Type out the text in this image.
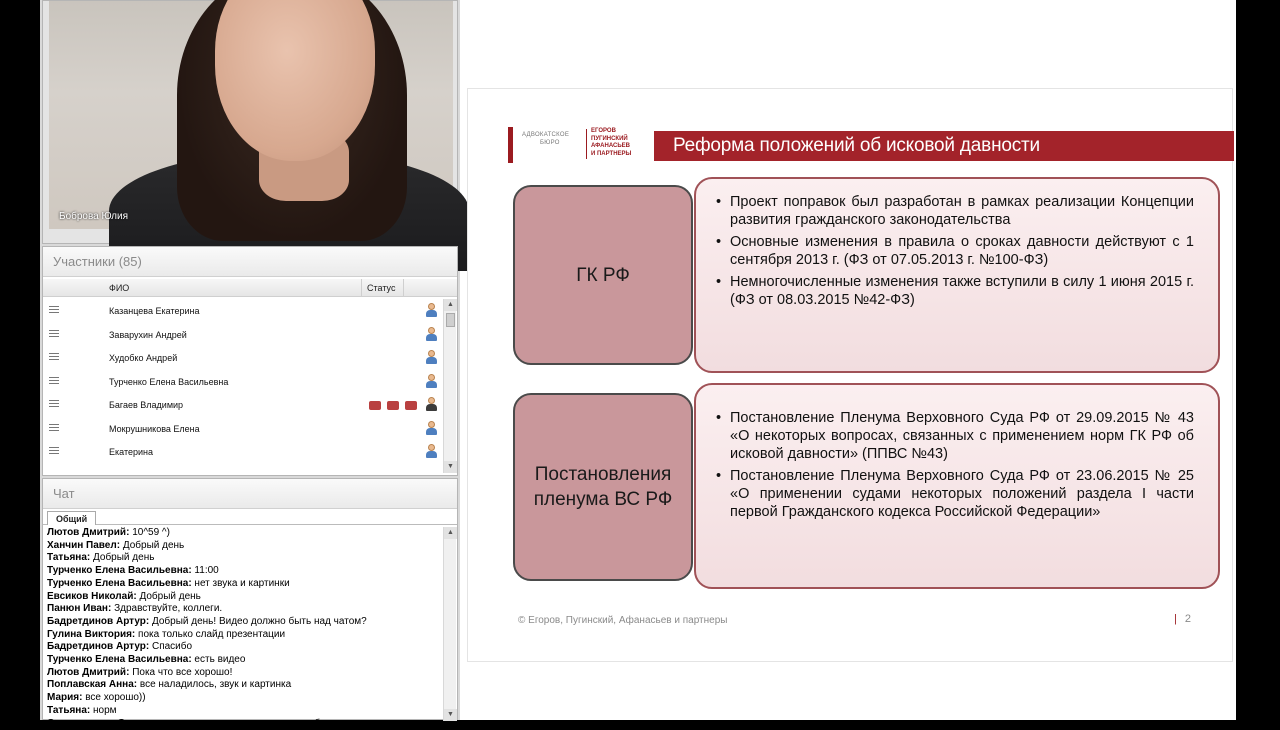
Боброва Юлия
Участники (85)
ФИО	Статус
Казанцева Екатерина
Заварухин Андрей
Худобко Андрей
Турченко Елена Васильевна
Багаев Владимир
Мокрушникова Елена
Екатерина
▲
▼
Чат
Общий
Лютов Дмитрий: 10^59 ^)
Ханчин Павел: Добрый день
Татьяна: Добрый день
Турченко Елена Васильевна: 11:00
Турченко Елена Васильевна: нет звука и картинки
Евсиков Николай: Добрый день
Панюн Иван: Здравствуйте, коллеги.
Бадретдинов Артур: Добрый день! Видео должно быть над чатом?
Гулина Виктория: пока только слайд презентации
Бадретдинов Артур: Спасибо
Турченко Елена Васильевна: есть видео
Лютов Дмитрий: Пока что все хорошо!
Поплавская Анна: все наладилось, звук и картинка
Мария: все хорошо))
Татьяна: норм
Спиридонова Светлана: да, все слышно и видно, спасибо
▲
▼
АДВОКАТСКОЕ
БЮРО
ЕГОРОВ
ПУГИНСКИЙ
АФАНАСЬЕВ
И ПАРТНЕРЫ Реформа положений об исковой давности
ГК РФ
• Проект поправок был разработан в рамках реализации Концепции развития гражданского законодательства
• Основные изменения в правила о сроках давности действуют с 1 сентября 2013 г. (ФЗ от 07.05.2013 г. №100-ФЗ)
• Немногочисленные изменения также вступили в силу 1 июня 2015 г. (ФЗ от 08.03.2015 №42-ФЗ)
Постановления пленума ВС РФ
• Постановление Пленума Верховного Суда РФ от 29.09.2015 № 43 «О некоторых вопросах, связанных с применением норм ГК РФ об исковой давности» (ППВС №43)
• Постановление Пленума Верховного Суда РФ от 23.06.2015 № 25 «О применении судами некоторых положений раздела I части первой Гражданского кодекса Российской Федерации»
© Егоров, Пугинский, Афанасьев и партнеры	| 2
